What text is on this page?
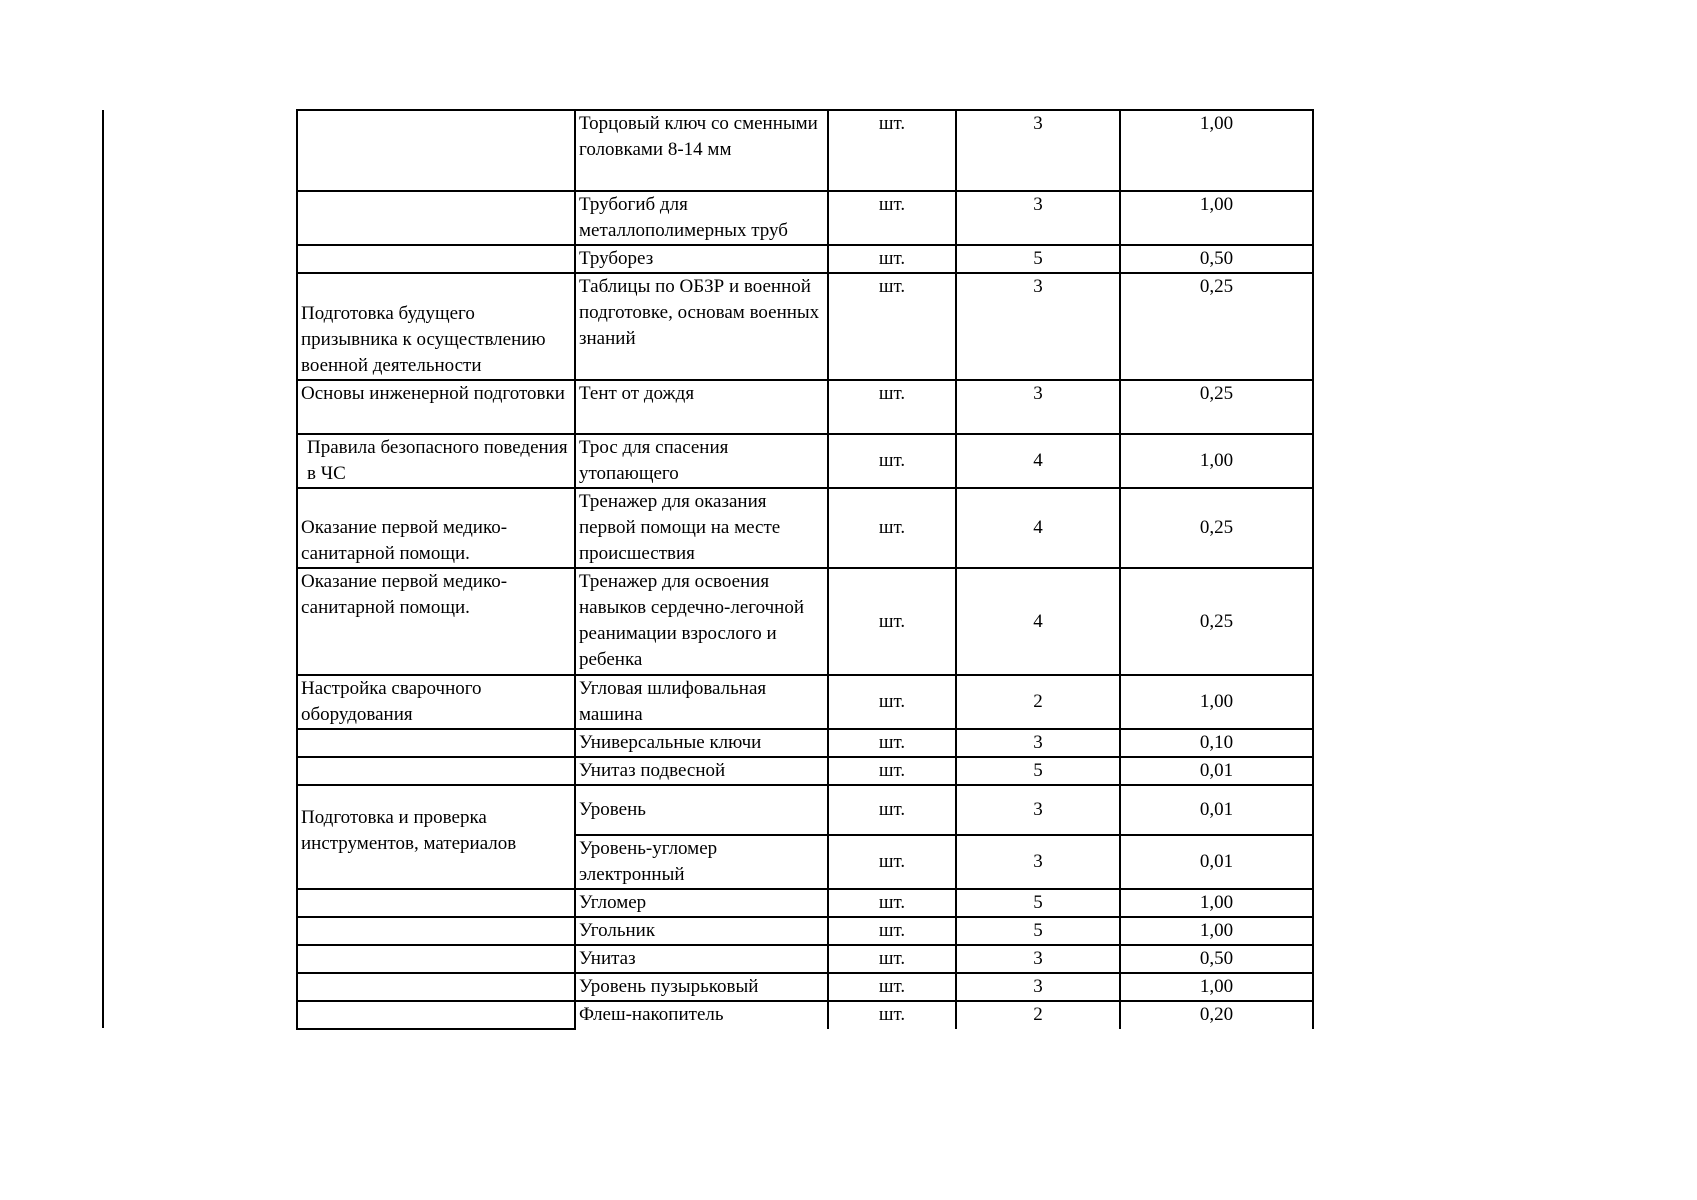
	Торцовый ключ со сменными головками 8-14 мм	шт.	3	1,00
	Трубогиб для металлополимерных труб	шт.	3	1,00
	Труборез	шт.	5	0,50
Подготовка будущего призывника к осуществлению военной деятельности	Таблицы по ОБЗР и военной подготовке, основам военных знаний	шт.	3	0,25
Основы инженерной подготовки	Тент от дождя	шт.	3	0,25
Правила безопасного поведения в ЧС	Трос для спасения утопающего	шт.	4	1,00
Оказание первой медико-санитарной помощи.	Тренажер для оказания первой помощи на месте происшествия	шт.	4	0,25
Оказание первой медико-санитарной помощи.	Тренажер для освоения навыков сердечно-легочной реанимации взрослого и ребенка	шт.	4	0,25
Настройка сварочного оборудования	Угловая шлифовальная машина	шт.	2	1,00
	Универсальные ключи	шт.	3	0,10
	Унитаз подвесной	шт.	5	0,01
Подготовка и проверка инструментов, материалов	Уровень	шт.	3	0,01
	Уровень-угломер электронный	шт.	3	0,01
	Угломер	шт.	5	1,00
	Угольник	шт.	5	1,00
	Унитаз	шт.	3	0,50
	Уровень пузырьковый	шт.	3	1,00
	Флеш-накопитель	шт.	2	0,20
